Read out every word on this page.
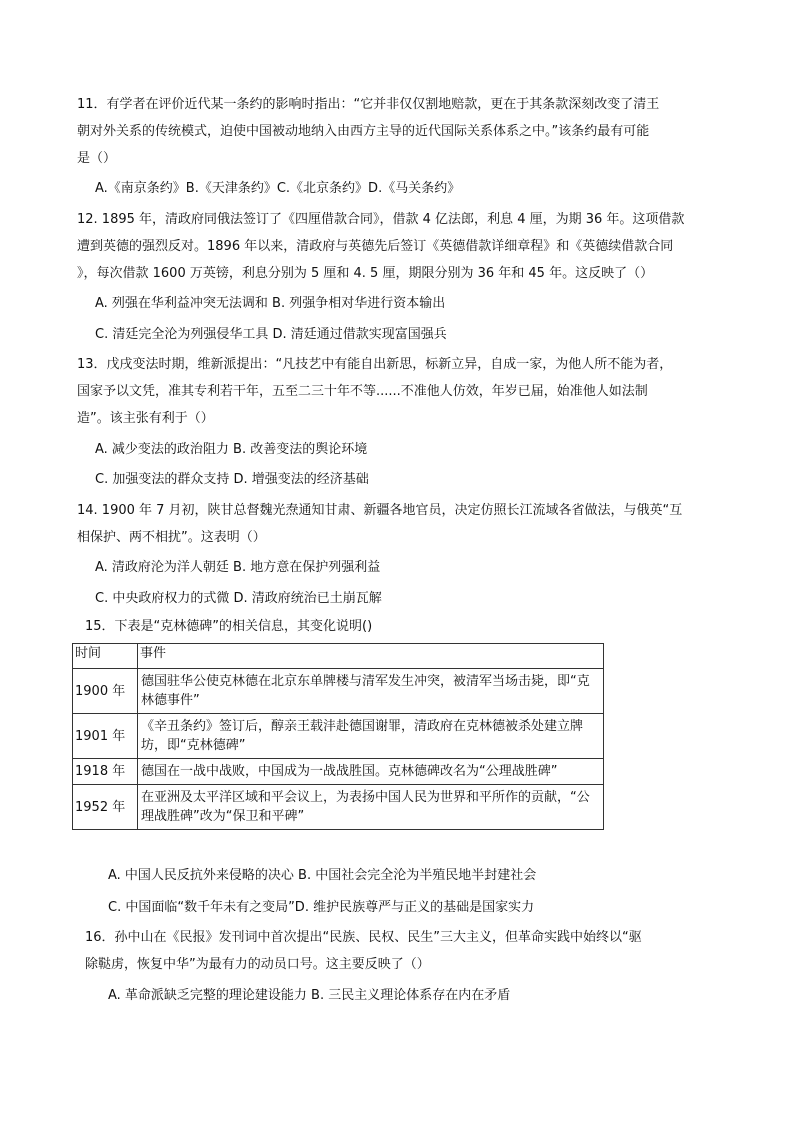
11．有学者在评价近代某一条约的影响时指出：“它并非仅仅割地赔款，更在于其条款深刻改变了清王
朝对外关系的传统模式，迫使中国被动地纳入由西方主导的近代国际关系体系之中。”该条约最有可能
是（）
A.《南京条约》B.《天津条约》C.《北京条约》D.《马关条约》
12. 1895 年，清政府同俄法签订了《四厘借款合同》，借款 4 亿法郎，利息 4 厘，为期 36 年。这项借款
遭到英德的强烈反对。1896 年以来，清政府与英德先后签订《英德借款详细章程》和《英德续借款合同
》，每次借款 1600 万英镑，利息分别为 5 厘和 4. 5 厘，期限分别为 36 年和 45 年。这反映了（）
A. 列强在华利益冲突无法调和 B. 列强争相对华进行资本输出
C. 清廷完全沦为列强侵华工具 D. 清廷通过借款实现富国强兵
13．戊戌变法时期，维新派提出：“凡技艺中有能自出新思，标新立异，自成一家，为他人所不能为者，
国家予以文凭，准其专利若干年，五至二三十年不等......不准他人仿效，年岁已届，始准他人如法制
造”。该主张有利于（）
A. 减少变法的政治阻力 B. 改善变法的舆论环境
C. 加强变法的群众支持 D. 增强变法的经济基础
14. 1900 年 7 月初，陕甘总督魏光焘通知甘肃、新疆各地官员，决定仿照长江流域各省做法，与俄英“互
相保护、两不相扰”。这表明（）
A. 清政府沦为洋人朝廷 B. 地方意在保护列强利益
C. 中央政府权力的式微 D. 清政府统治已土崩瓦解
15．下表是“克林德碑”的相关信息，其变化说明()
时间	事件
1900 年	德国驻华公使克林德在北京东单牌楼与清军发生冲突，被清军当场击毙，即“克林德事件”
1901 年	《辛丑条约》签订后，醇亲王载沣赴德国谢罪，清政府在克林德被杀处建立牌坊，即“克林德碑”
1918 年	德国在一战中战败，中国成为一战战胜国。克林德碑改名为“公理战胜碑”
1952 年	在亚洲及太平洋区域和平会议上，为表扬中国人民为世界和平所作的贡献，“公理战胜碑”改为“保卫和平碑”
A. 中国人民反抗外来侵略的决心 B. 中国社会完全沦为半殖民地半封建社会
C. 中国面临“数千年未有之变局”D. 维护民族尊严与正义的基础是国家实力
16．孙中山在《民报》发刊词中首次提出“民族、民权、民生”三大主义，但革命实践中始终以“驱
除鞑虏，恢复中华”为最有力的动员口号。这主要反映了（）
A. 革命派缺乏完整的理论建设能力 B. 三民主义理论体系存在内在矛盾
